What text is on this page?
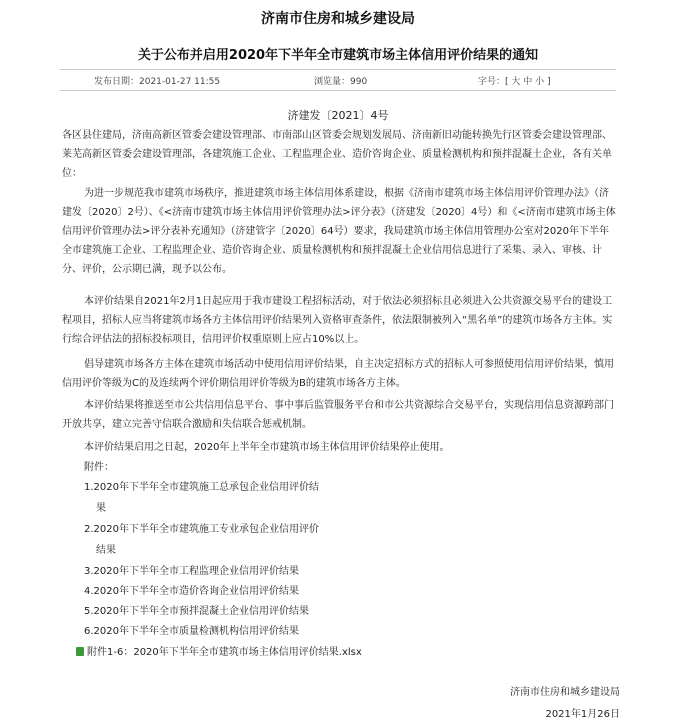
济南市住房和城乡建设局
关于公布并启用2020年下半年全市建筑市场主体信用评价结果的通知
发布日期：2021-01-27 11:55	浏览量：990	字号：[ 大 中 小 ]
济建发〔2021〕4号

各区县住建局，济南高新区管委会建设管理部、市南部山区管委会规划发展局、济南新旧动能转换先行区管委会建设管理部、莱芜高新区管委会建设管理部，各建筑施工企业、工程监理企业、造价咨询企业、质量检测机构和预拌混凝土企业，各有关单位：

为进一步规范我市建筑市场秩序，推进建筑市场主体信用体系建设，根据《济南市建筑市场主体信用评价管理办法》（济建发〔2020〕2号）、《<济南市建筑市场主体信用评价管理办法>评分表》（济建发〔2020〕4号）和《<济南市建筑市场主体信用评价管理办法>评分表补充通知》（济建管字〔2020〕64号）要求，我局建筑市场主体信用管理办公室对2020年下半年全市建筑施工企业、工程监理企业、造价咨询企业、质量检测机构和预拌混凝土企业信用信息进行了采集、录入、审核、计分、评价，公示期已满，现予以公布。

本评价结果自2021年2月1日起应用于我市建设工程招标活动，对于依法必须招标且必须进入公共资源交易平台的建设工程项目，招标人应当将建筑市场各方主体信用评价结果列入资格审查条件，依法限制被列入“黑名单”的建筑市场各方主体。实行综合评估法的招标投标项目，信用评价权重原则上应占10%以上。

倡导建筑市场各方主体在建筑市场活动中使用信用评价结果，自主决定招标方式的招标人可参照使用信用评价结果，慎用信用评价等级为C的及连续两个评价期信用评价等级为B的建筑市场各方主体。

本评价结果将推送至市公共信用信息平台、事中事后监管服务平台和市公共资源综合交易平台，实现信用信息资源跨部门开放共享，建立完善守信联合激励和失信联合惩戒机制。

本评价结果启用之日起，2020年上半年全市建筑市场主体信用评价结果停止使用。

附件：

1.2020年下半年全市建筑施工总承包企业信用评价结
果
2.2020年下半年全市建筑施工专业承包企业信用评价
结果
3.2020年下半年全市工程监理企业信用评价结果
4.2020年下半年全市造价咨询企业信用评价结果
5.2020年下半年全市预拌混凝土企业信用评价结果
6.2020年下半年全市质量检测机构信用评价结果
附件1-6：2020年下半年全市建筑市场主体信用评价结果.xlsx
济南市住房和城乡建设局
2021年1月26日
